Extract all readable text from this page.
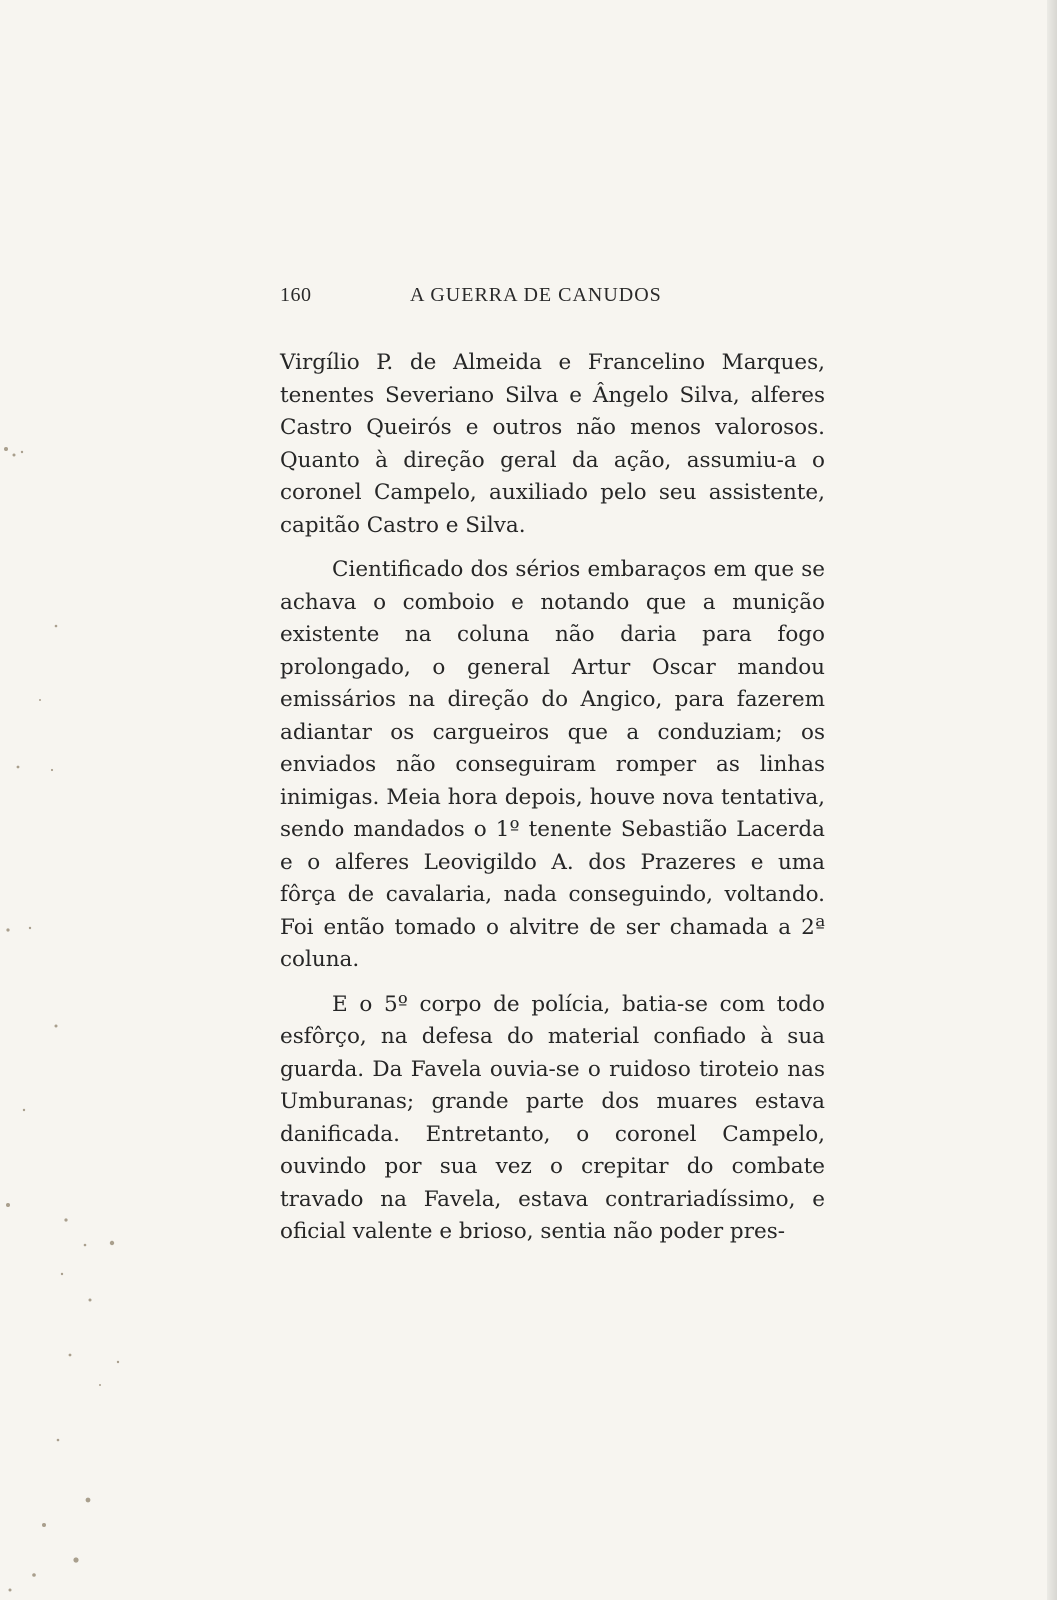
160	A GUERRA DE CANUDOS

Virgílio P. de Almeida e Francelino Marques, tenentes Severiano Silva e Ângelo Silva, alferes Castro Queirós e outros não menos valorosos. Quanto à direção geral da ação, assumiu-a o coronel Campelo, auxiliado pelo seu assistente, capitão Castro e Silva.

Cientificado dos sérios embaraços em que se achava o comboio e notando que a munição existente na coluna não daria para fogo prolongado, o general Artur Oscar mandou emissários na direção do Angico, para fazerem adiantar os cargueiros que a conduziam; os enviados não conseguiram romper as linhas inimigas. Meia hora depois, houve nova tentativa, sendo mandados o 1º tenente Sebastião Lacerda e o alferes Leovigildo A. dos Prazeres e uma fôrça de cavalaria, nada conseguindo, voltando. Foi então tomado o alvitre de ser chamada a 2ª coluna.

E o 5º corpo de polícia, batia-se com todo esfôrço, na defesa do material confiado à sua guarda. Da Favela ouvia-se o ruidoso tiroteio nas Umburanas; grande parte dos muares estava danificada. Entretanto, o coronel Campelo, ouvindo por sua vez o crepitar do combate travado na Favela, estava contrariadíssimo, e oficial valente e brioso, sentia não poder pres-
